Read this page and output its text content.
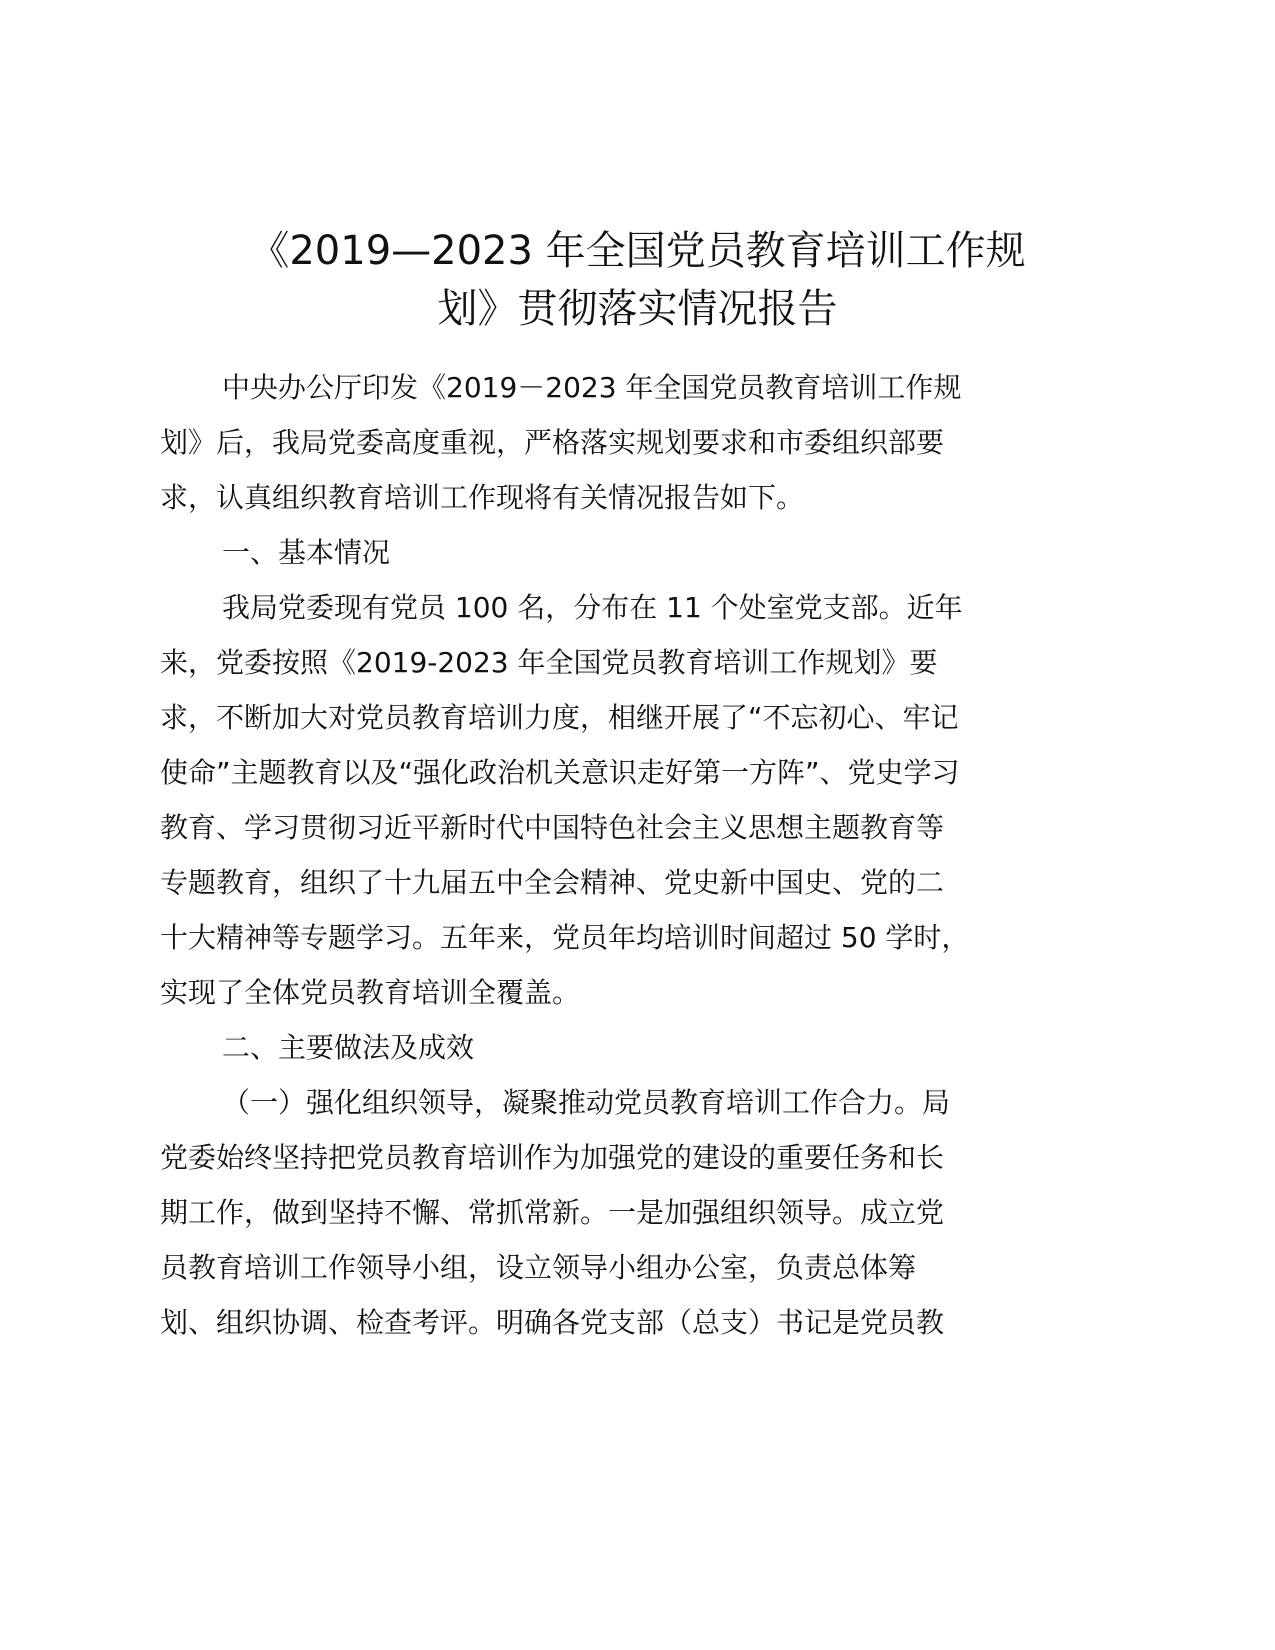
《2019—2023 年全国党员教育培训工作规
划》贯彻落实情况报告
中央办公厅印发《2019－2023 年全国党员教育培训工作规
划》后，我局党委高度重视，严格落实规划要求和市委组织部要
求，认真组织教育培训工作现将有关情况报告如下。
一、基本情况
我局党委现有党员 100 名，分布在 11 个处室党支部。近年
来，党委按照《2019-2023 年全国党员教育培训工作规划》要
求，不断加大对党员教育培训力度，相继开展了“不忘初心、牢记
使命”主题教育以及“强化政治机关意识走好第一方阵”、党史学习
教育、学习贯彻习近平新时代中国特色社会主义思想主题教育等
专题教育，组织了十九届五中全会精神、党史新中国史、党的二
十大精神等专题学习。五年来，党员年均培训时间超过 50 学时，
实现了全体党员教育培训全覆盖。
二、主要做法及成效
（一）强化组织领导，凝聚推动党员教育培训工作合力。局
党委始终坚持把党员教育培训作为加强党的建设的重要任务和长
期工作，做到坚持不懈、常抓常新。一是加强组织领导。成立党
员教育培训工作领导小组，设立领导小组办公室，负责总体筹
划、组织协调、检查考评。明确各党支部（总支）书记是党员教
